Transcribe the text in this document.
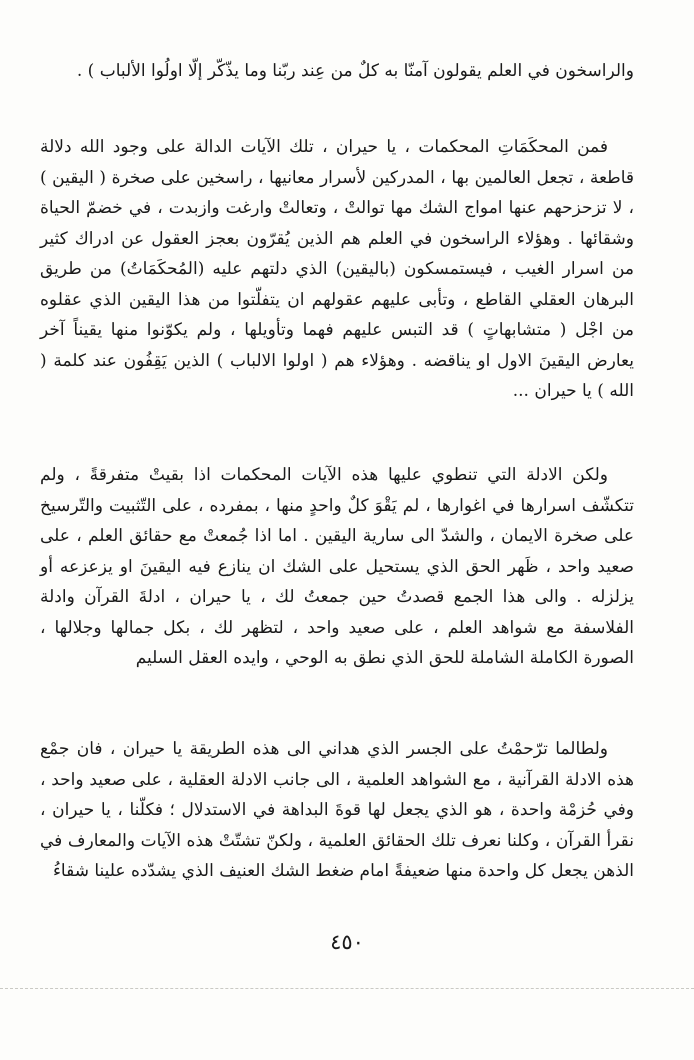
والراسخون في العلم يقولون آمنّا به كلٌ من عِند ربّنا وما يذّكّر إلّا اولُوا الألباب ) .

فمن المحكَمَاتِ المحكمات ، يا حيران ، تلك الآيات الدالة على وجود الله دلالة قاطعة ، تجعل العالمين بها ، المدركين لأسرار معانيها ، راسخين على صخرة ( اليقين ) ، لا تزحزحهم عنها امواج الشك مها توالتْ ، وتعالتْ وارغت وازبدت ، في خضمّ الحياة وشقائها . وهؤلاء الراسخون في العلم هم الذين يُقرّون بعجز العقول عن ادراك كثير من اسرار الغيب ، فيستمسكون (باليقين) الذي دلتهم عليه (المُحكَمَاتُ) من طريق البرهان العقلي القاطع ، وتأبى عليهم عقولهم ان يتفلّتوا من هذا اليقين الذي عقلوه من اجْل ( متشابهاتٍ ) قد التبس عليهم فهما وتأويلها ، ولم يكوّنوا منها يقيناً آخر يعارض اليقينَ الاول او يناقضه . وهؤلاء هم ( اولوا الالباب ) الذين يَقِفُون عند كلمة ( الله ) يا حيران ...

ولكن الادلة التي تنطوي عليها هذه الآيات المحكمات اذا بقيتْ متفرقةً ، ولم تتكشّف اسرارها في اغوارها ، لم يَقْوَ كلٌ واحدٍ منها ، بمفرده ، على التّثبيت والتّرسيخ على صخرة الايمان ، والشدّ الى سارية اليقين . اما اذا جُمعتْ مع حقائق العلم ، على صعيد واحد ، ظَهر الحق الذي يستحيل على الشك ان ينازع فيه اليقينَ او يزعزعه أو يزلزله . والى هذا الجمع قصدتُ حين جمعتُ لك ، يا حيران ، ادلةَ القرآن وادلة الفلاسفة مع شواهد العلم ، على صعيد واحد ، لتظهر لك ، بكل جمالها وجلالها ، الصورة الكاملة الشاملة للحق الذي نطق به الوحي ، وايده العقل السليم

ولطالما ترّحمْتُ على الجسر الذي هداني الى هذه الطريقة يا حيران ، فان جمْع هذه الادلة القرآنية ، مع الشواهد العلمية ، الى جانب الادلة العقلية ، على صعيد واحد ، وفي حُزمْة واحدة ، هو الذي يجعل لها قوةَ البداهة في الاستدلال ؛ فكلّنا ، يا حيران ، نقرأ القرآن ، وكلنا نعرف تلك الحقائق العلمية ، ولكنّ تشتّتْ هذه الآيات والمعارف في الذهن يجعل كل واحدة منها ضعيفةً امام ضغط الشك العنيف الذي يشدّده علينا شقاءُ

٤٥٠
